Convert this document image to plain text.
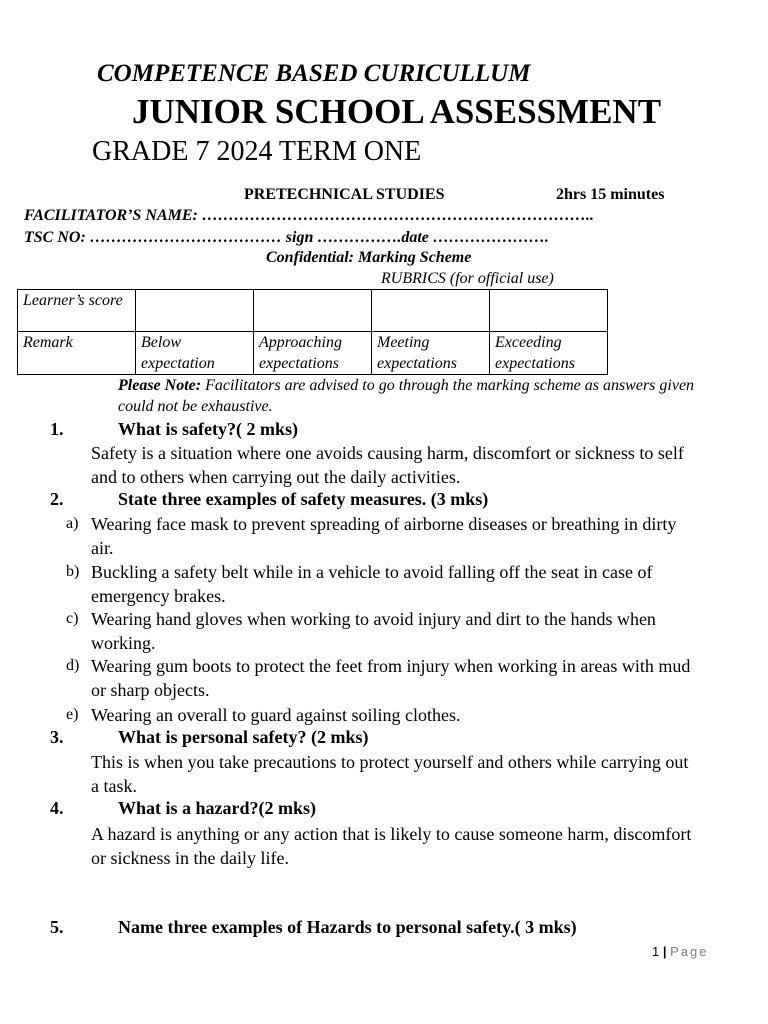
COMPETENCE BASED CURICULLUM
JUNIOR SCHOOL ASSESSMENT
GRADE 7 2024 TERM ONE
PRETECHNICAL STUDIES	2hrs 15 minutes
FACILITATOR’S NAME: ………………………………………………………………..
TSC NO: ……………………………… sign …………….date ………………….
Confidential: Marking Scheme
RUBRICS (for official use)
Learner’s score				
Remark	Below expectation	Approaching expectations	Meeting expectations	Exceeding expectations
Please Note: Facilitators are advised to go through the marking scheme as answers given
could not be exhaustive.
1.	What is safety?( 2 mks)
Safety is a situation where one avoids causing harm, discomfort or sickness to self
and to others when carrying out the daily activities.
2.	State three examples of safety measures. (3 mks)
a) Wearing face mask to prevent spreading of airborne diseases or breathing in dirty
air.
b) Buckling a safety belt while in a vehicle to avoid falling off the seat in case of
emergency brakes.
c) Wearing hand gloves when working to avoid injury and dirt to the hands when
working.
d) Wearing gum boots to protect the feet from injury when working in areas with mud
or sharp objects.
e) Wearing an overall to guard against soiling clothes.
3.	What is personal safety? (2 mks)
This is when you take precautions to protect yourself and others while carrying out
a task.
4.	What is a hazard?(2 mks)
A hazard is anything or any action that is likely to cause someone harm, discomfort
or sickness in the daily life.
5.	Name three examples of Hazards to personal safety.( 3 mks)
1 | Page
